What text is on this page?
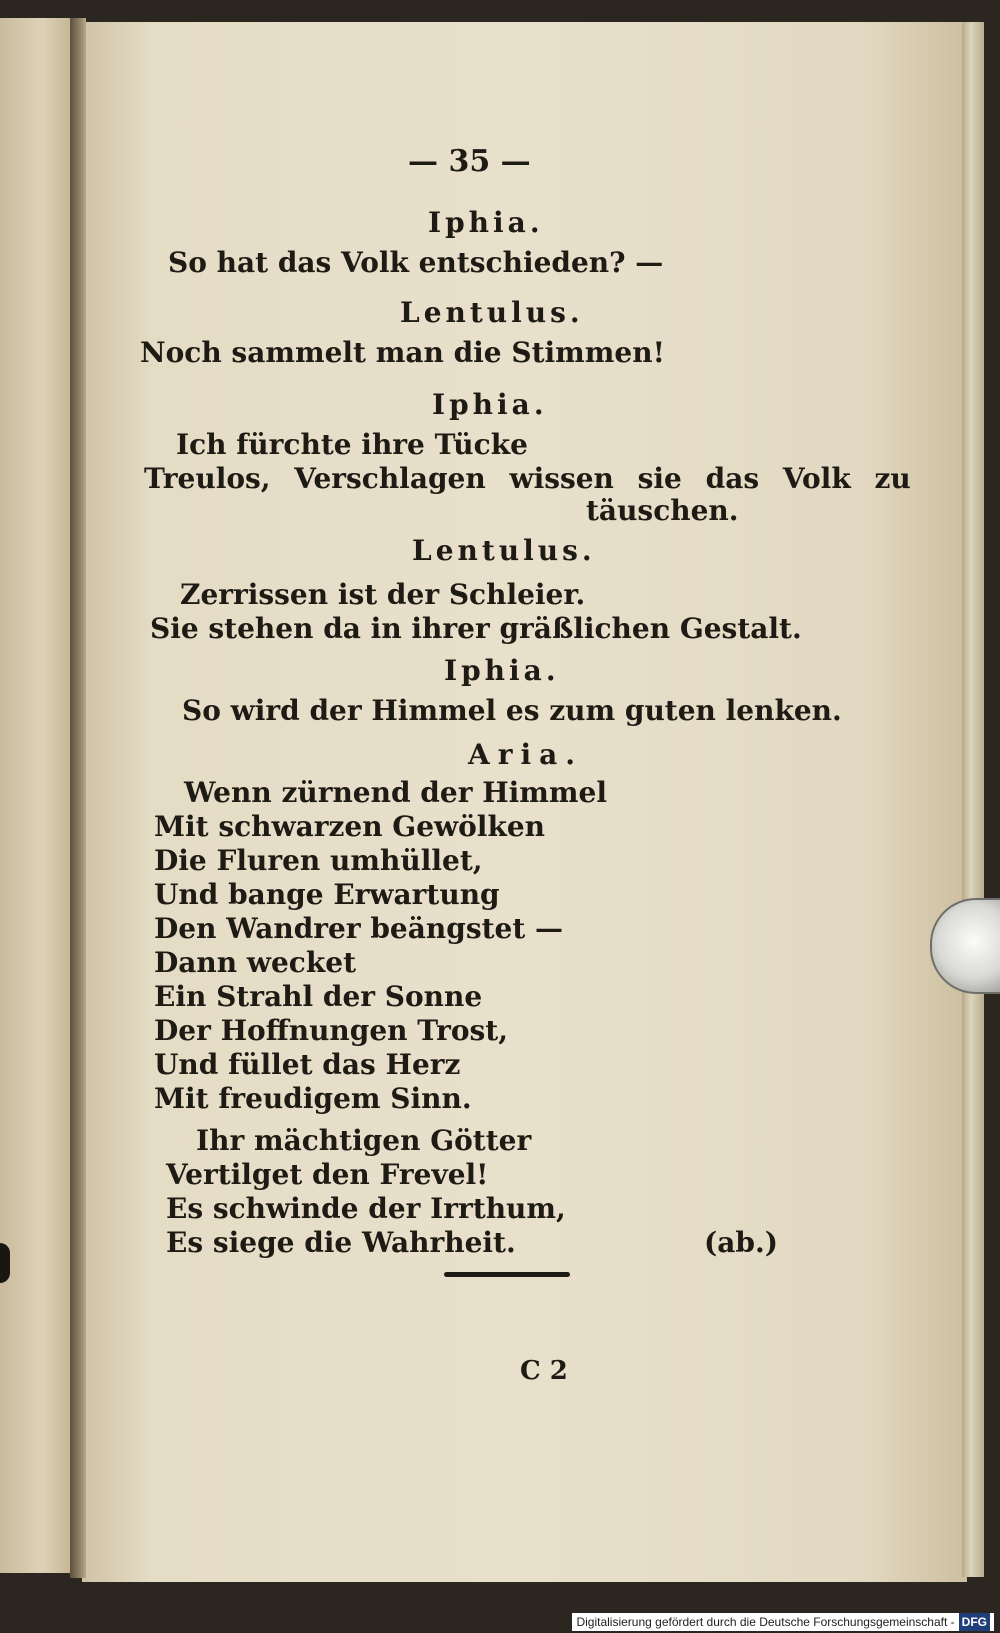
— 35 —
Iphia.
So hat das Volk entschieden? —
Lentulus.
Noch sammelt man die Stimmen!
Iphia.
Ich fürchte ihre Tücke
Treulos, Verschlagen wissen sie das Volk zu
täuschen.
Lentulus.
Zerrissen ist der Schleier.
Sie stehen da in ihrer gräßlichen Gestalt.
Iphia.
So wird der Himmel es zum guten lenken.
Aria.
Wenn zürnend der Himmel
Mit schwarzen Gewölken
Die Fluren umhüllet,
Und bange Erwartung
Den Wandrer beängstet —
Dann wecket
Ein Strahl der Sonne
Der Hoffnungen Trost,
Und füllet das Herz
Mit freudigem Sinn.
Ihr mächtigen Götter
Vertilget den Frevel!
Es schwinde der Irrthum,
Es siege die Wahrheit.	(ab.)
C 2
Digitalisierung gefördert durch die Deutsche Forschungsgemeinschaft - DFG
